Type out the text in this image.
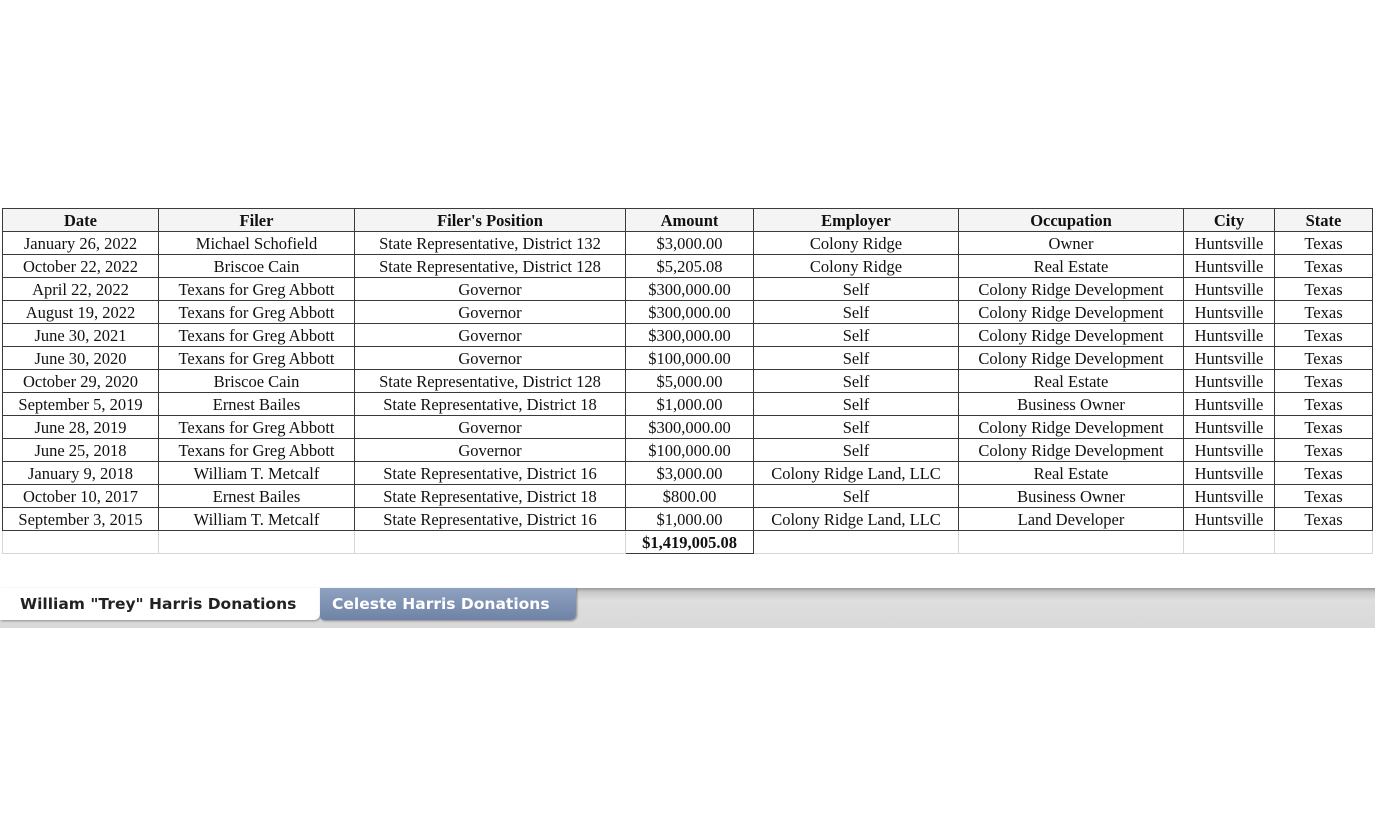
Date	Filer	Filer's Position	Amount	Employer	Occupation	City	State
January 26, 2022	Michael Schofield	State Representative, District 132	$3,000.00	Colony Ridge	Owner	Huntsville	Texas
October 22, 2022	Briscoe Cain	State Representative, District 128	$5,205.08	Colony Ridge	Real Estate	Huntsville	Texas
April 22, 2022	Texans for Greg Abbott	Governor	$300,000.00	Self	Colony Ridge Development	Huntsville	Texas
August 19, 2022	Texans for Greg Abbott	Governor	$300,000.00	Self	Colony Ridge Development	Huntsville	Texas
June 30, 2021	Texans for Greg Abbott	Governor	$300,000.00	Self	Colony Ridge Development	Huntsville	Texas
June 30, 2020	Texans for Greg Abbott	Governor	$100,000.00	Self	Colony Ridge Development	Huntsville	Texas
October 29, 2020	Briscoe Cain	State Representative, District 128	$5,000.00	Self	Real Estate	Huntsville	Texas
September 5, 2019	Ernest Bailes	State Representative, District 18	$1,000.00	Self	Business Owner	Huntsville	Texas
June 28, 2019	Texans for Greg Abbott	Governor	$300,000.00	Self	Colony Ridge Development	Huntsville	Texas
June 25, 2018	Texans for Greg Abbott	Governor	$100,000.00	Self	Colony Ridge Development	Huntsville	Texas
January 9, 2018	William T. Metcalf	State Representative, District 16	$3,000.00	Colony Ridge Land, LLC	Real Estate	Huntsville	Texas
October 10, 2017	Ernest Bailes	State Representative, District 18	$800.00	Self	Business Owner	Huntsville	Texas
September 3, 2015	William T. Metcalf	State Representative, District 16	$1,000.00	Colony Ridge Land, LLC	Land Developer	Huntsville	Texas
			$1,419,005.08				
William "Trey" Harris Donations	Celeste Harris Donations
